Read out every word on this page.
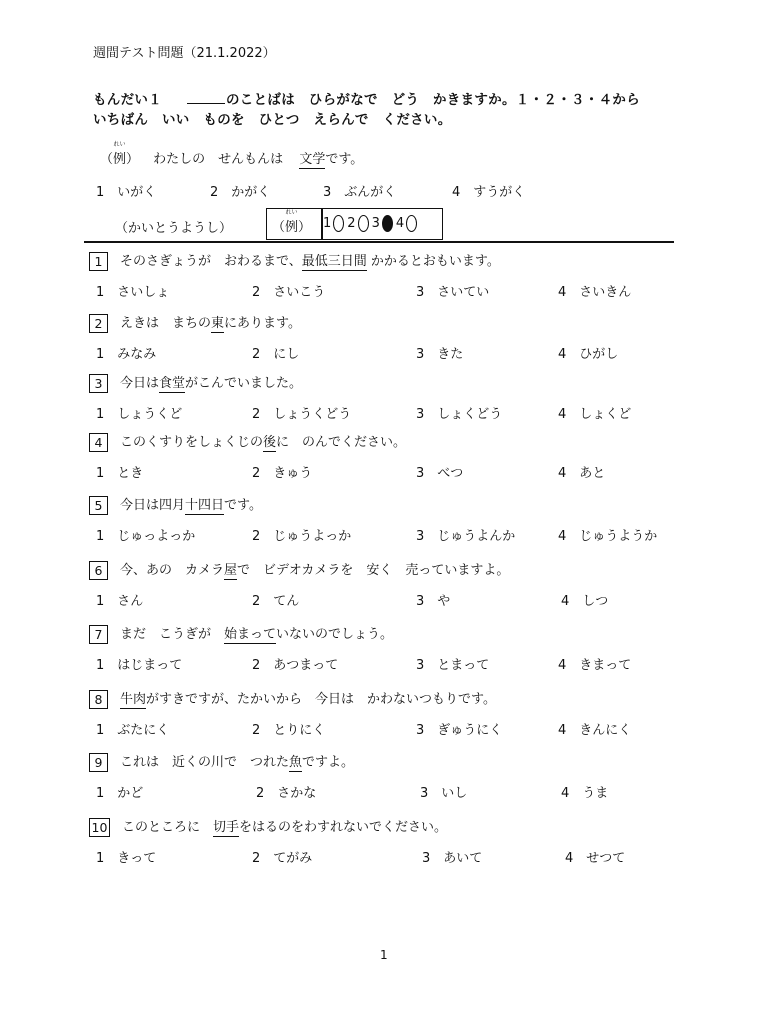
週間テスト問題（21.1.2022）
もんだい１	のことばは　ひらがなで　どう　かきますか。１・２・３・４から
いちばん　いい　ものを　ひとつ　えらんで　ください。
れい
（例） わたしの　せんもんは 文学です。
1　いがく	2　かがく	3　ぶんがく	4　すうがく
（かいとうようし）
れい
（例） 1 2 3 4
1 そのさぎょうが　おわるまで、最低三日間 かかるとおもいます。
1　さいしょ	2　さいこう	3　さいてい	4　さいきん
2 えきは　まちの東にあります。
1　みなみ	2　にし	3　きた	4　ひがし
3 今日は食堂がこんでいました。
1　しょうくど	2　しょうくどう	3　しょくどう	4　しょくど
4 このくすりをしょくじの後に　のんでください。
1　とき	2　きゅう	3　べつ	4　あと
5 今日は四月十四日です。
1　じゅっよっか	2　じゅうよっか	3　じゅうよんか	4　じゅうようか
6 今、あの　カメラ屋で　ビデオカメラを　安く　売っていますよ。
1　さん	2　てん	3　や	4　しつ
7 まだ　こうぎが　始まっていないのでしょう。
1　はじまって	2　あつまって	3　とまって	4　きまって
8 牛肉がすきですが、たかいから　今日は　かわないつもりです。
1　ぶたにく	2　とりにく	3　ぎゅうにく	4　きんにく
9 これは　近くの川で　つれた魚ですよ。
1　かど	2　さかな	3　いし	4　うま
10 このところに　切手をはるのをわすれないでください。
1　きって	2　てがみ	3　あいて	4　せつて
1
